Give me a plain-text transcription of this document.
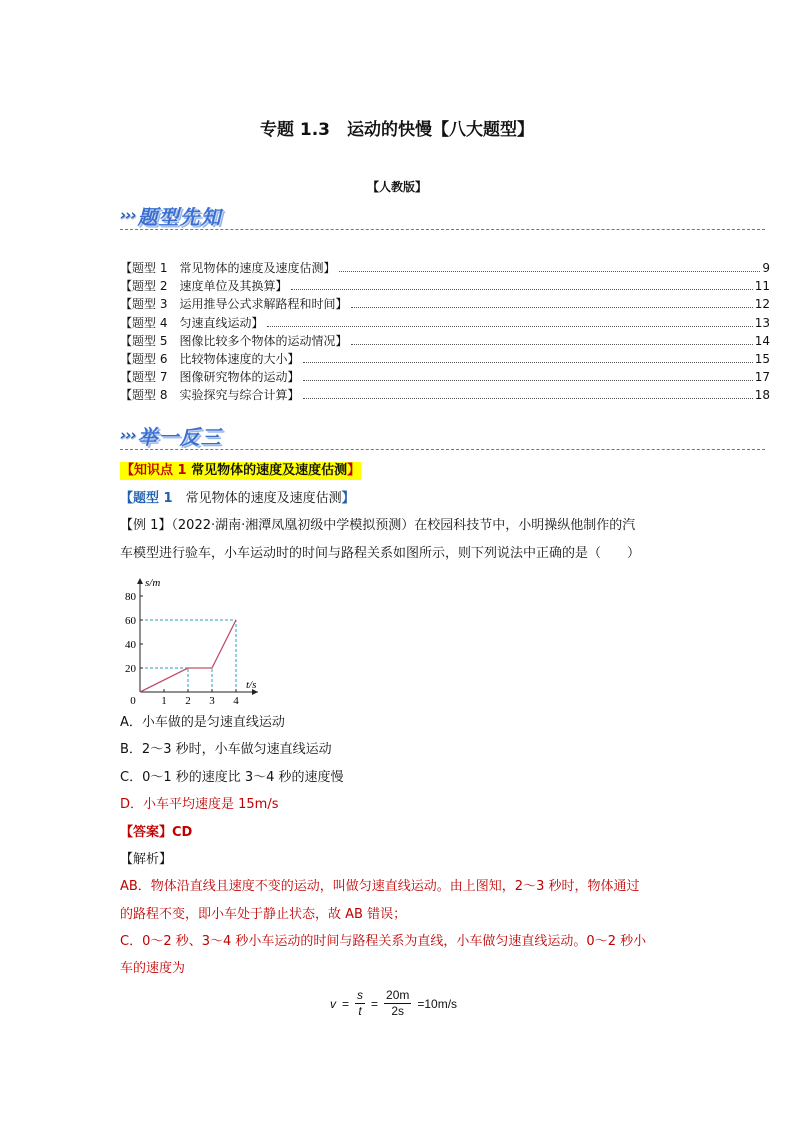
专题 1.3　运动的快慢【八大题型】
【人教版】
››› 题型先知
【题型 1　常见物体的速度及速度估测】	9
【题型 2　速度单位及其换算】	11
【题型 3　运用推导公式求解路程和时间】	12
【题型 4　匀速直线运动】	13
【题型 5　图像比较多个物体的运动情况】	14
【题型 6　比较物体速度的大小】	15
【题型 7　图像研究物体的运动】	17
【题型 8　实验探究与综合计算】	18
››› 举一反三
【知识点 1 常见物体的速度及速度估测】
【题型 1　常见物体的速度及速度估测】
【例 1】（2022·湖南·湘潭凤凰初级中学模拟预测）在校园科技节中，小明操纵他制作的汽
车模型进行验车，小车运动时的时间与路程关系如图所示，则下列说法中正确的是（　　）
0 1 2 3 4
20
40
60
80
t/s
s/m
A．小车做的是匀速直线运动
B．2～3 秒时，小车做匀速直线运动
C．0～1 秒的速度比 3～4 秒的速度慢
D．小车平均速度是 15m/s
【答案】CD
【解析】
AB．物体沿直线且速度不变的运动，叫做匀速直线运动。由上图知，2～3 秒时，物体通过
的路程不变，即小车处于静止状态，故 AB 错误；
C．0～2 秒、3～4 秒小车运动的时间与路程关系为直线，小车做匀速直线运动。0～2 秒小
车的速度为
$v = \frac{s}{t} = \frac{20m}{2s} =10m/s$
